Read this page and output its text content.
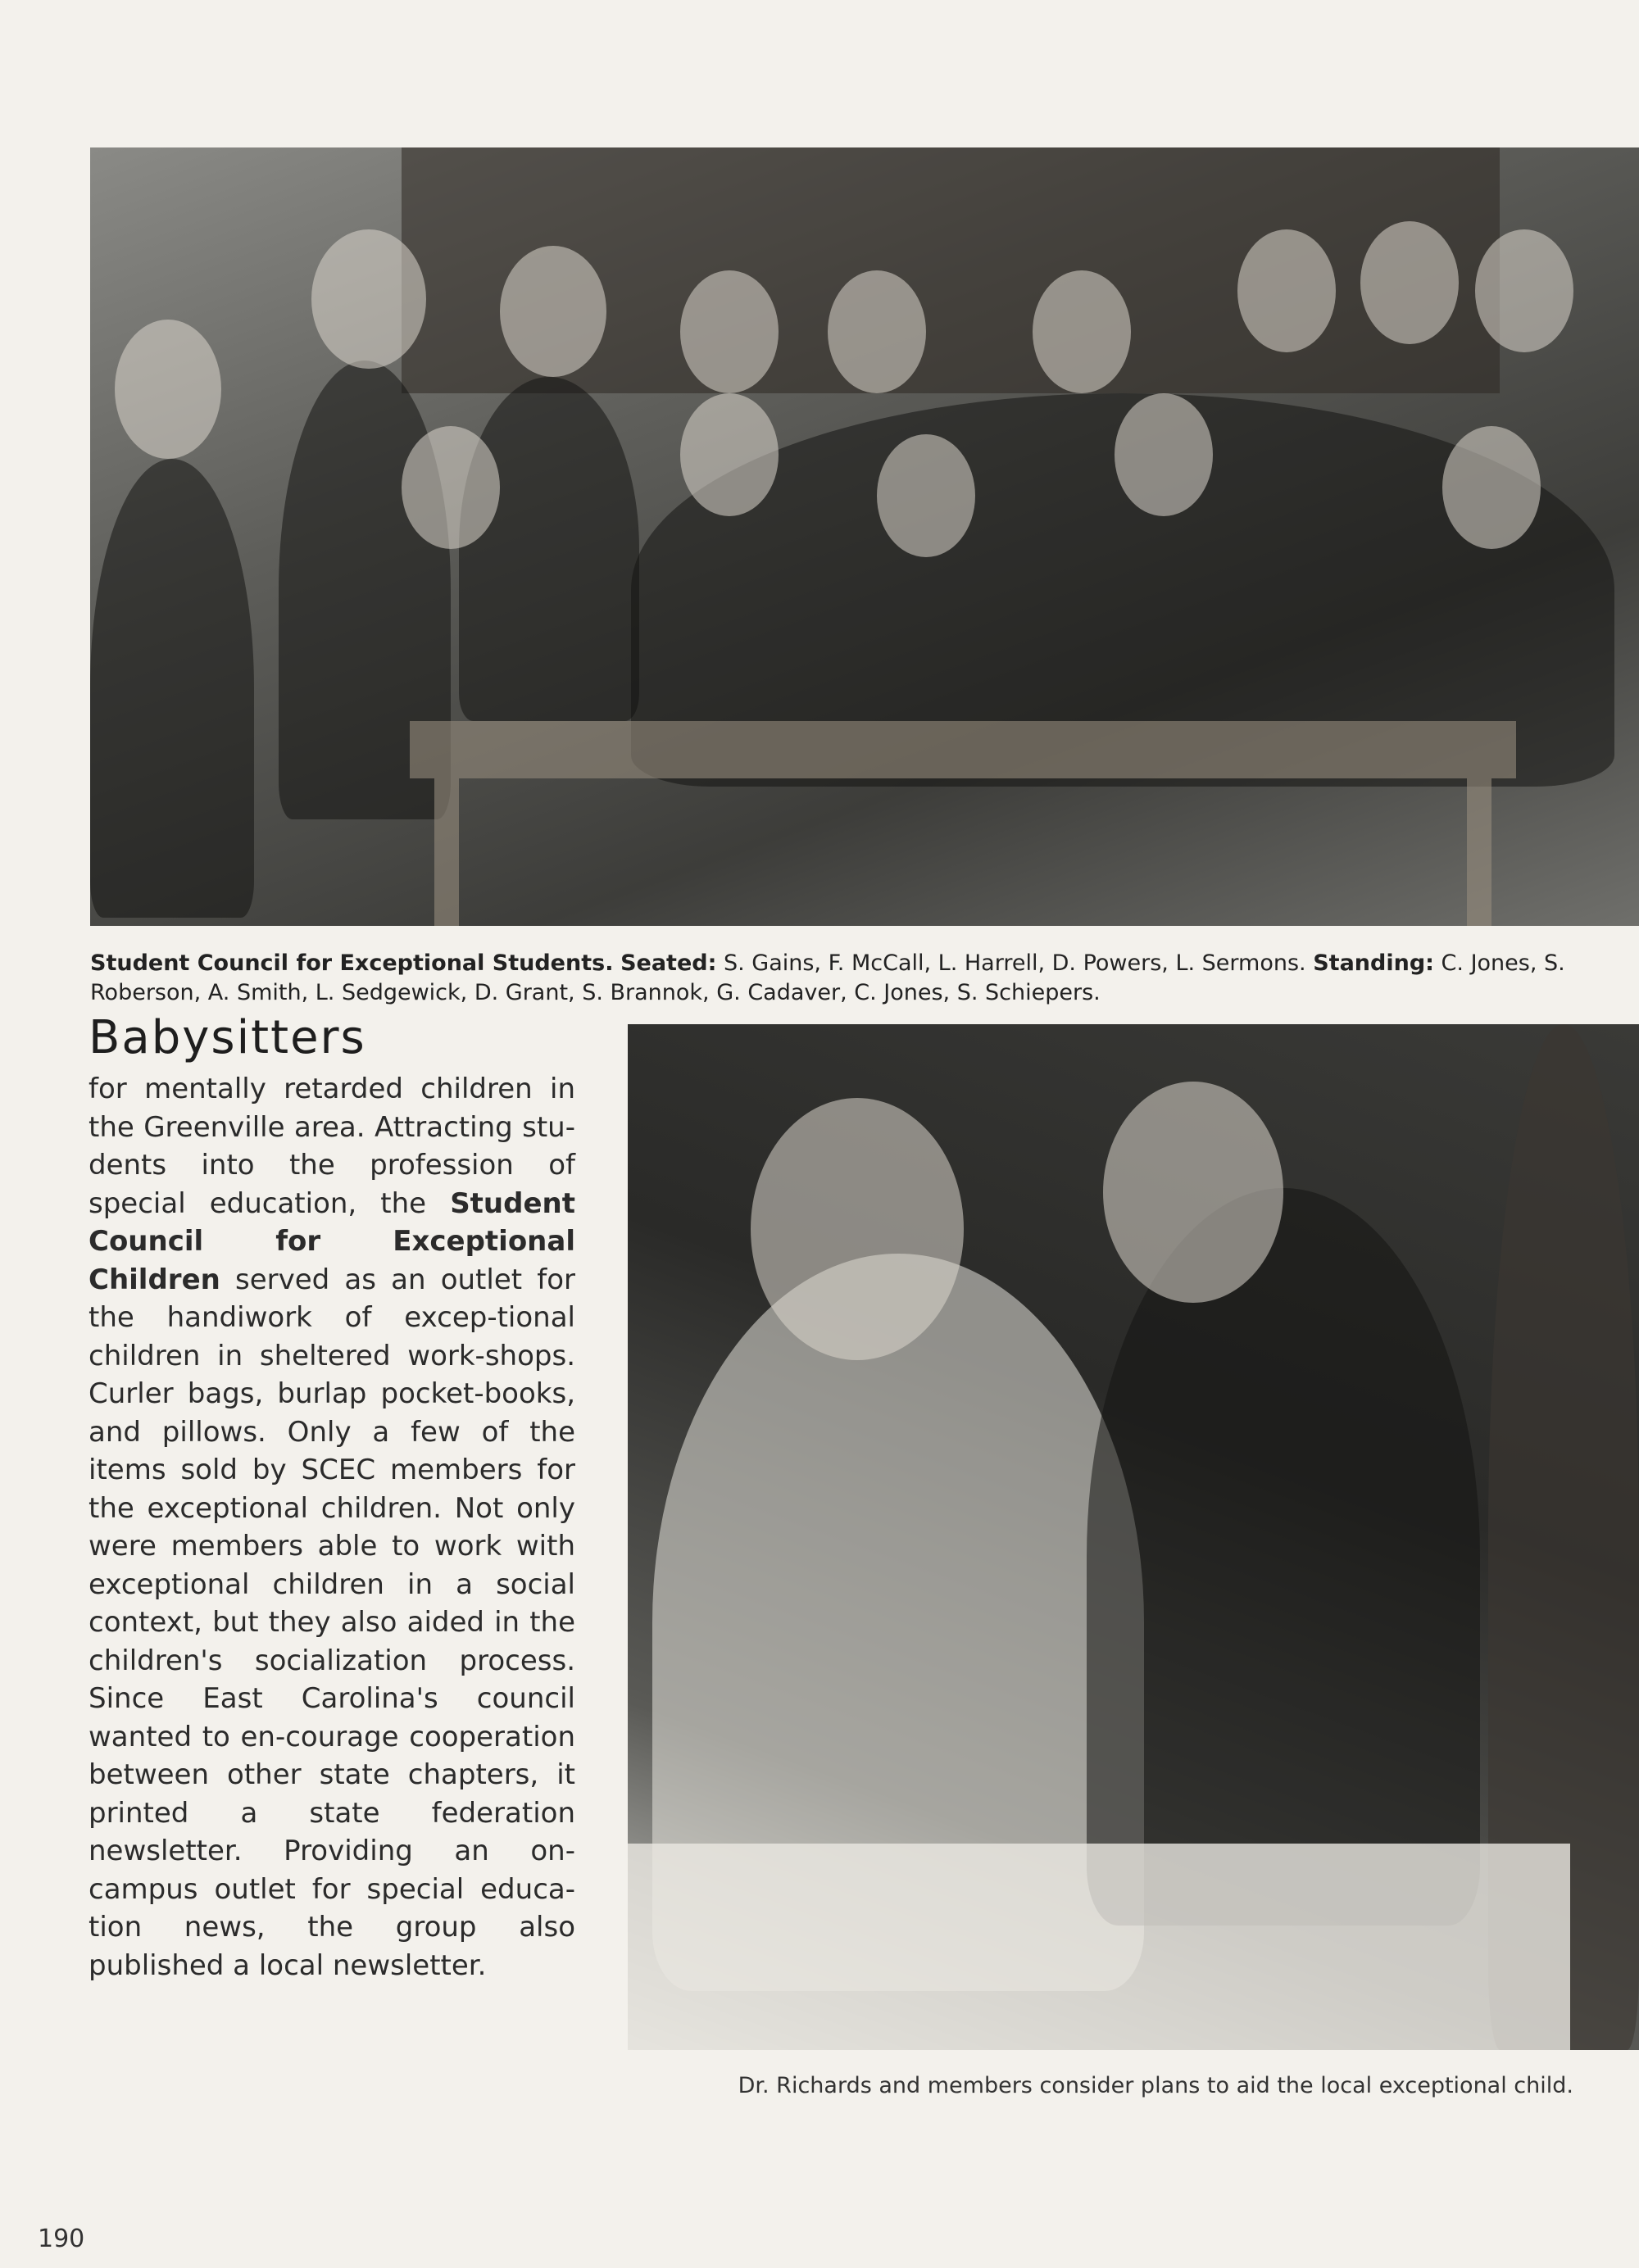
Student Council for Exceptional Students. Seated: S. Gains, F. McCall, L. Harrell, D. Powers, L. Sermons. Standing: C. Jones, S.
Roberson, A. Smith, L. Sedgewick, D. Grant, S. Brannok, G. Cadaver, C. Jones, S. Schiepers.
Babysitters
for mentally retarded children in the Greenville area. Attracting stu-dents into the profession of special education, the Student Council for Exceptional Children served as an outlet for the handiwork of excep-tional children in sheltered work-shops. Curler bags, burlap pocket-books, and pillows. Only a few of the items sold by SCEC members for the exceptional children. Not only were members able to work with exceptional children in a social context, but they also aided in the children's socialization process. Since East Carolina's council wanted to en-courage cooperation between other state chapters, it printed a state federation newsletter. Providing an on-campus outlet for special educa-tion news, the group also published a local newsletter.
Dr. Richards and members consider plans to aid the local exceptional child.
190
